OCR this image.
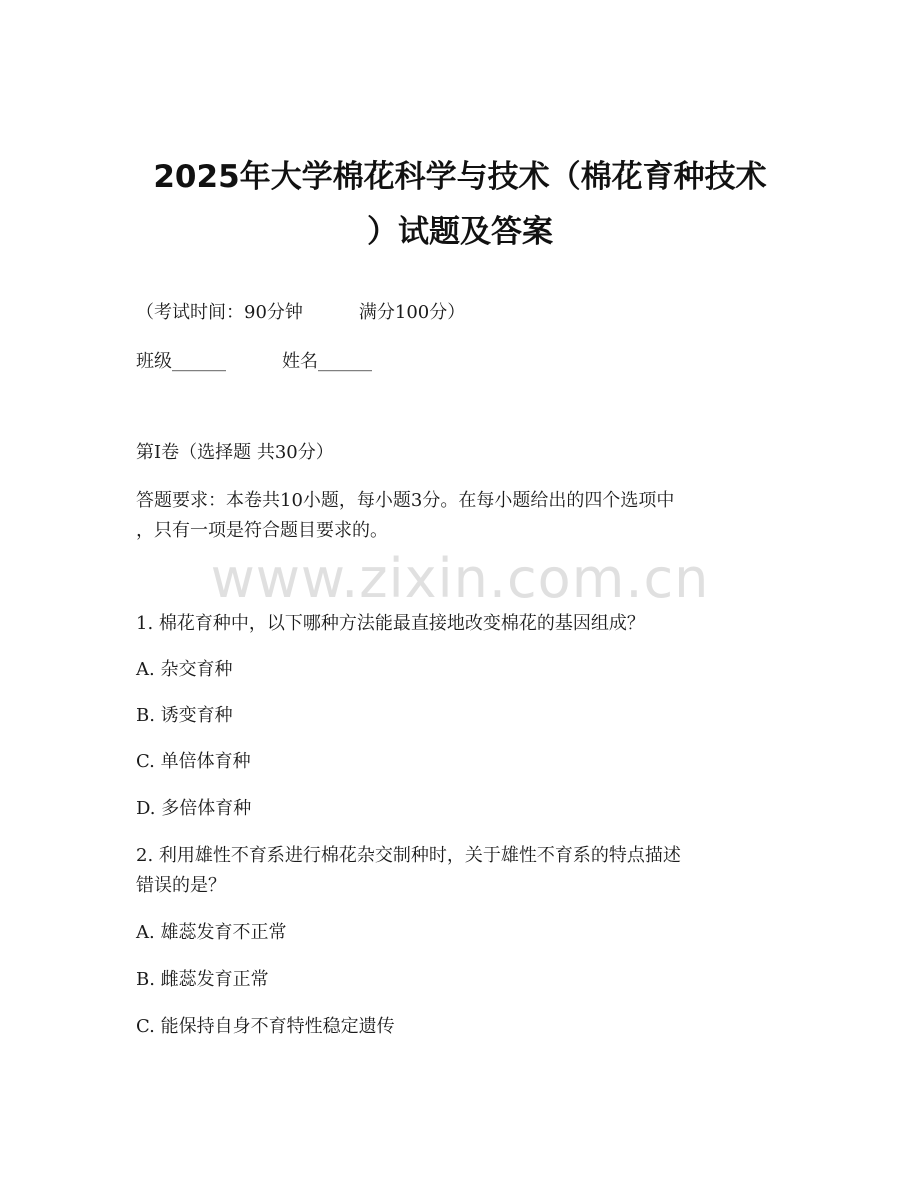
2025年大学棉花科学与技术（棉花育种技术
）试题及答案
（考试时间：90分钟	满分100分）
班级______	姓名______
第I卷（选择题 共30分）
答题要求：本卷共10小题，每小题3分。在每小题给出的四个选项中
，只有一项是符合题目要求的。
www.zixin.com.cn
1. 棉花育种中，以下哪种方法能最直接地改变棉花的基因组成？
A. 杂交育种
B. 诱变育种
C. 单倍体育种
D. 多倍体育种
2. 利用雄性不育系进行棉花杂交制种时，关于雄性不育系的特点描述
错误的是？
A. 雄蕊发育不正常
B. 雌蕊发育正常
C. 能保持自身不育特性稳定遗传
